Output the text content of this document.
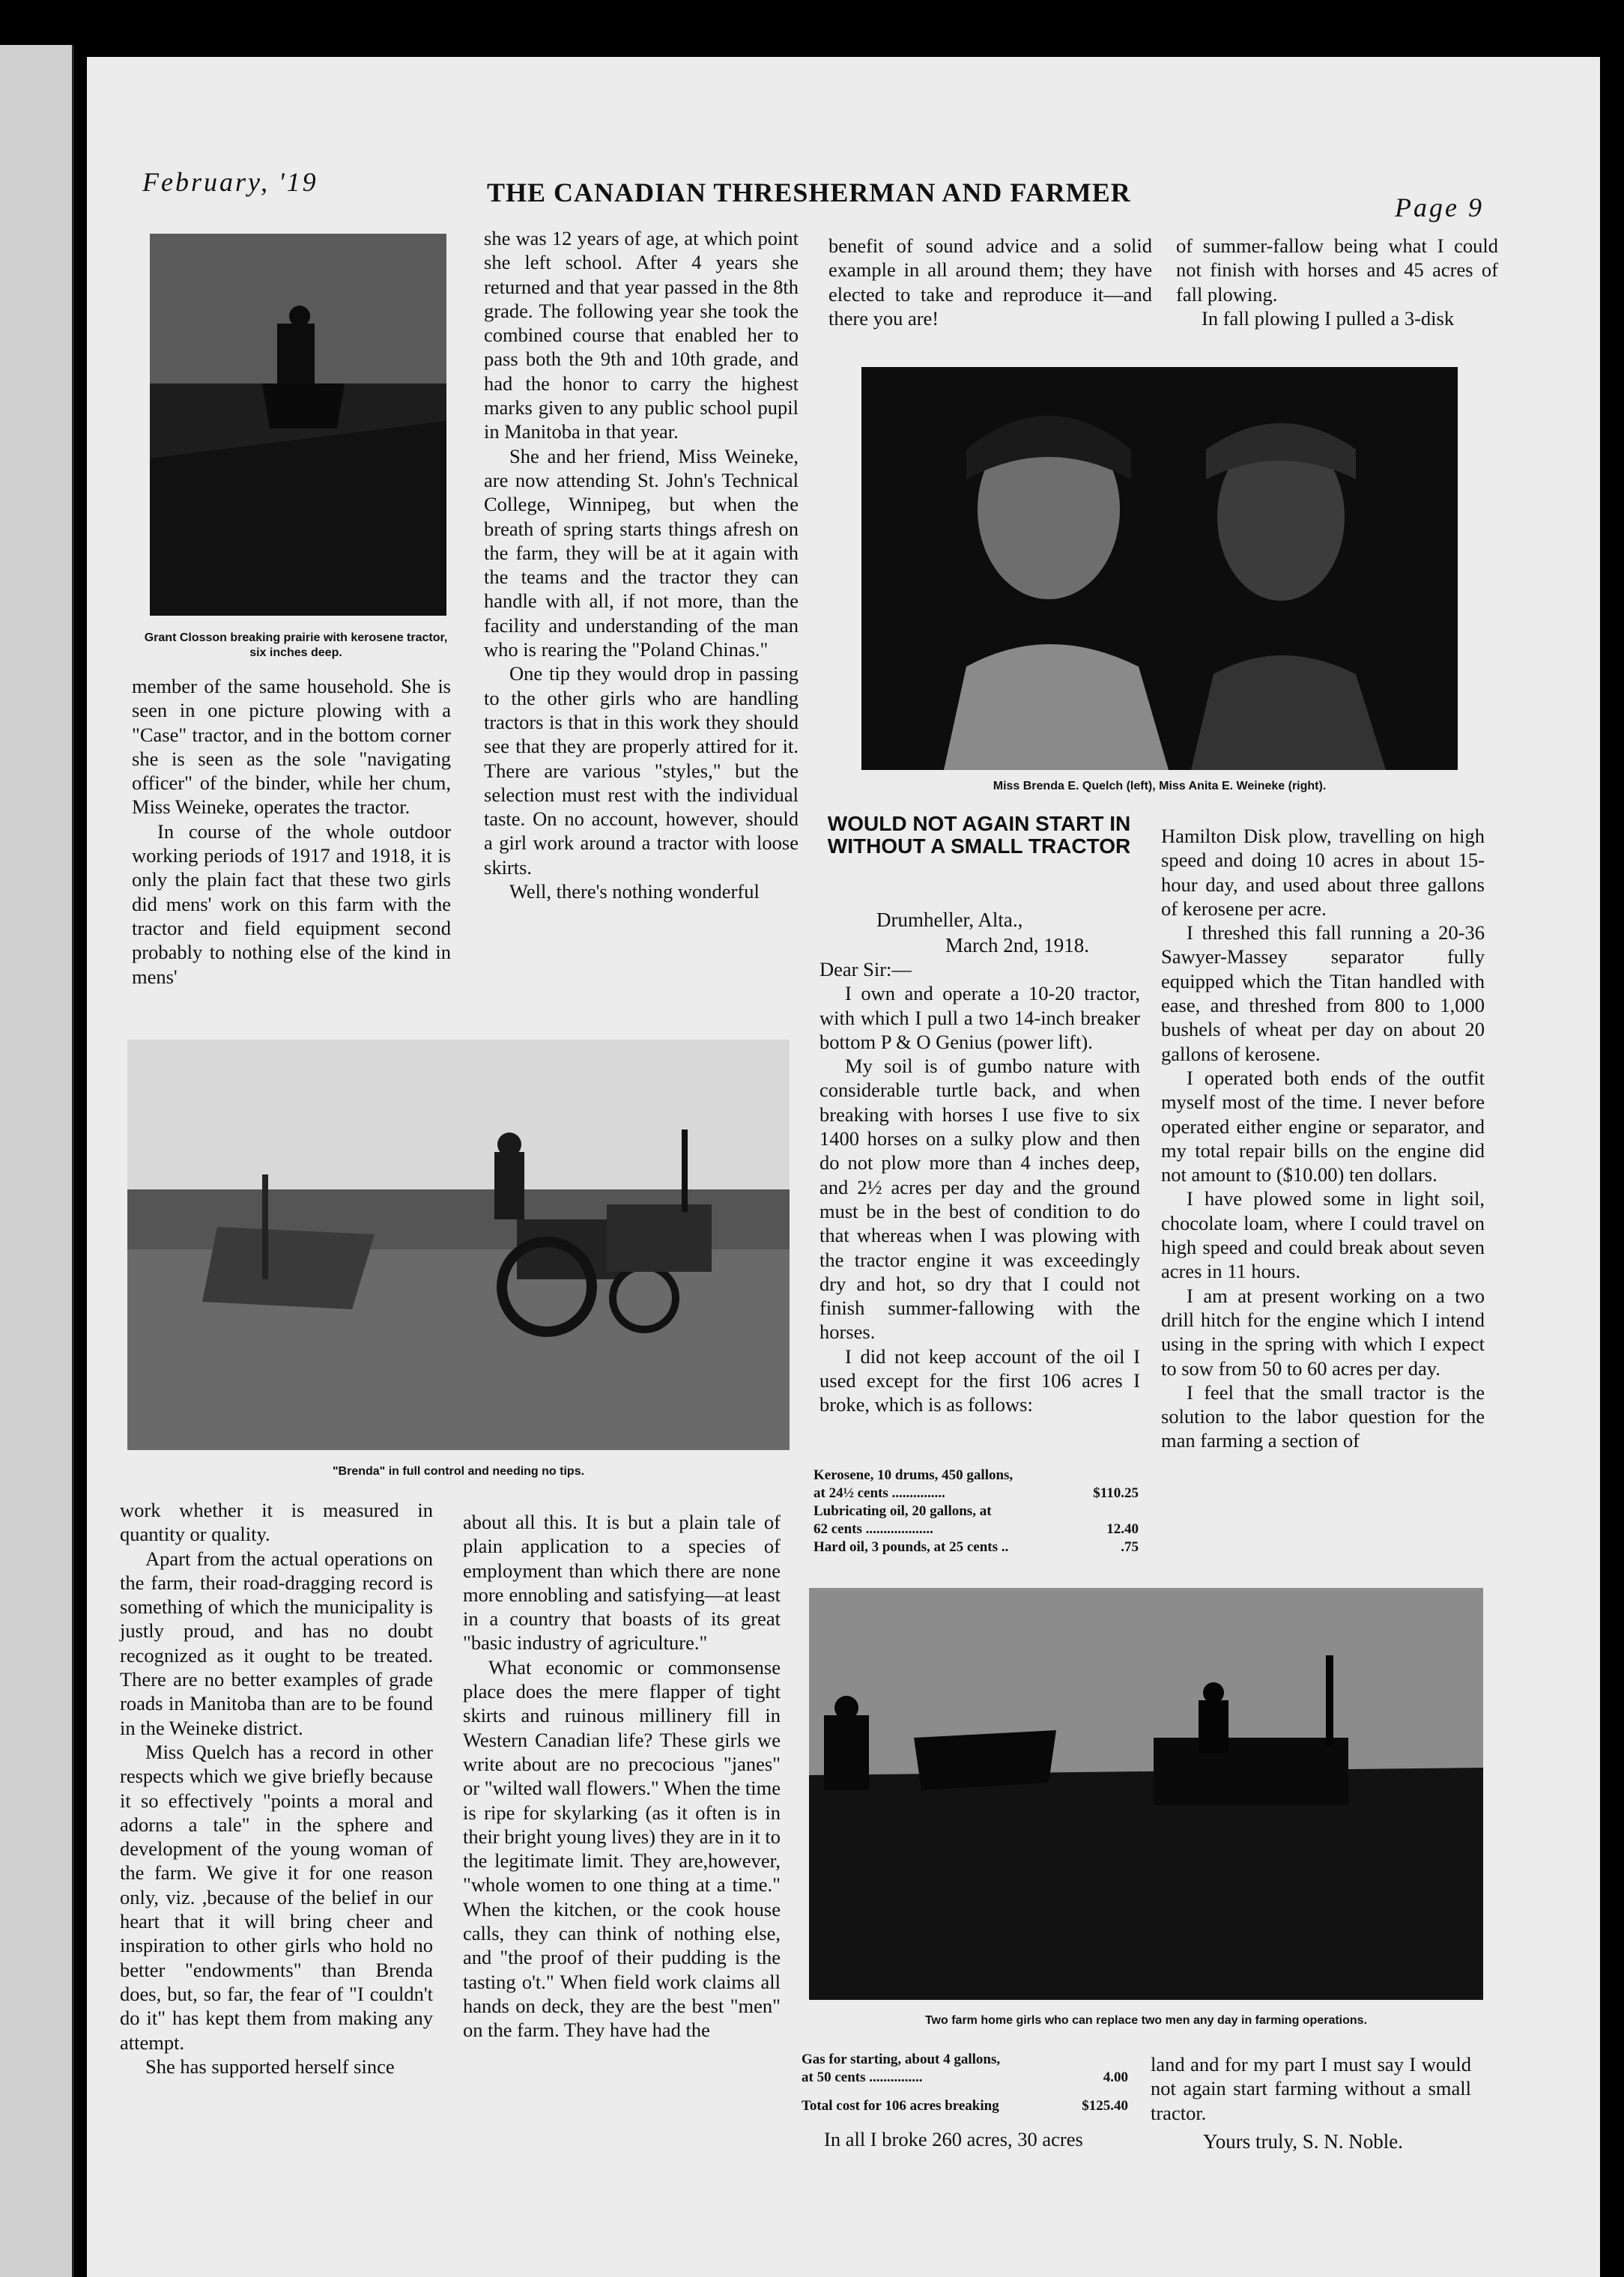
February, '19	THE CANADIAN THRESHERMAN AND FARMER	Page 9
Grant Closson breaking prairie with kerosene tractor, six inches deep.

member of the same household. She is seen in one picture plowing with a "Case" tractor, and in the bottom corner she is seen as the sole "navigating officer" of the binder, while her chum, Miss Weineke, operates the tractor.

In course of the whole outdoor working periods of 1917 and 1918, it is only the plain fact that these two girls did mens' work on this farm with the tractor and field equipment second probably to nothing else of the kind in mens'

she was 12 years of age, at which point she left school. After 4 years she returned and that year passed in the 8th grade. The following year she took the combined course that enabled her to pass both the 9th and 10th grade, and had the honor to carry the highest marks given to any public school pupil in Manitoba in that year.

She and her friend, Miss Weineke, are now attending St. John's Technical College, Winnipeg, but when the breath of spring starts things afresh on the farm, they will be at it again with the teams and the tractor they can handle with all, if not more, than the facility and understanding of the man who is rearing the "Poland Chinas."

One tip they would drop in passing to the other girls who are handling tractors is that in this work they should see that they are properly attired for it. There are various "styles," but the selection must rest with the individual taste. On no account, however, should a girl work around a tractor with loose skirts.

Well, there's nothing wonderful

benefit of sound advice and a solid example in all around them; they have elected to take and reproduce it—and there you are!

of summer-fallow being what I could not finish with horses and 45 acres of fall plowing.

In fall plowing I pulled a 3-disk

Miss Brenda E. Quelch (left), Miss Anita E. Weineke (right).
WOULD NOT AGAIN START IN WITHOUT A SMALL TRACTOR
Drumheller, Alta.,
March 2nd, 1918.

Dear Sir:—

I own and operate a 10-20 tractor, with which I pull a two 14-inch breaker bottom P & O Genius (power lift).

My soil is of gumbo nature with considerable turtle back, and when breaking with horses I use five to six 1400 horses on a sulky plow and then do not plow more than 4 inches deep, and 2½ acres per day and the ground must be in the best of condition to do that whereas when I was plowing with the tractor engine it was exceedingly dry and hot, so dry that I could not finish summer-fallowing with the horses.

I did not keep account of the oil I used except for the first 106 acres I broke, which is as follows:

Kerosene, 10 drums, 450 gallons,
at 24½ cents ...............	$110.25
Lubricating oil, 20 gallons, at
62 cents ...................	12.40
Hard oil, 3 pounds, at 25 cents ..	.75

Hamilton Disk plow, travelling on high speed and doing 10 acres in about 15-hour day, and used about three gallons of kerosene per acre.

I threshed this fall running a 20-36 Sawyer-Massey separator fully equipped which the Titan handled with ease, and threshed from 800 to 1,000 bushels of wheat per day on about 20 gallons of kerosene.

I operated both ends of the outfit myself most of the time. I never before operated either engine or separator, and my total repair bills on the engine did not amount to ($10.00) ten dollars.

I have plowed some in light soil, chocolate loam, where I could travel on high speed and could break about seven acres in 11 hours.

I am at present working on a two drill hitch for the engine which I intend using in the spring with which I expect to sow from 50 to 60 acres per day.

I feel that the small tractor is the solution to the labor question for the man farming a section of

"Brenda" in full control and needing no tips.

work whether it is measured in quantity or quality.

Apart from the actual operations on the farm, their road-dragging record is something of which the municipality is justly proud, and has no doubt recognized as it ought to be treated. There are no better examples of grade roads in Manitoba than are to be found in the Weineke district.

Miss Quelch has a record in other respects which we give briefly because it so effectively "points a moral and adorns a tale" in the sphere and development of the young woman of the farm. We give it for one reason only, viz. ,because of the belief in our heart that it will bring cheer and inspiration to other girls who hold no better "endowments" than Brenda does, but, so far, the fear of "I couldn't do it" has kept them from making any attempt.

She has supported herself since

about all this. It is but a plain tale of plain application to a species of employment than which there are none more ennobling and satisfying—at least in a country that boasts of its great "basic industry of agriculture."

What economic or commonsense place does the mere flapper of tight skirts and ruinous millinery fill in Western Canadian life? These girls we write about are no precocious "janes" or "wilted wall flowers." When the time is ripe for skylarking (as it often is in their bright young lives) they are in it to the legitimate limit. They are,however, "whole women to one thing at a time." When the kitchen, or the cook house calls, they can think of nothing else, and "the proof of their pudding is the tasting o't." When field work claims all hands on deck, they are the best "men" on the farm. They have had the	Two farm home girls who can replace two men any day in farming operations.
Gas for starting, about 4 gallons,
at 50 cents ...............	4.00
Total cost for 106 acres breaking	$125.40

In all I broke 260 acres, 30 acres

land and for my part I must say I would not again start farming without a small tractor.

Yours truly, S. N. Noble.
